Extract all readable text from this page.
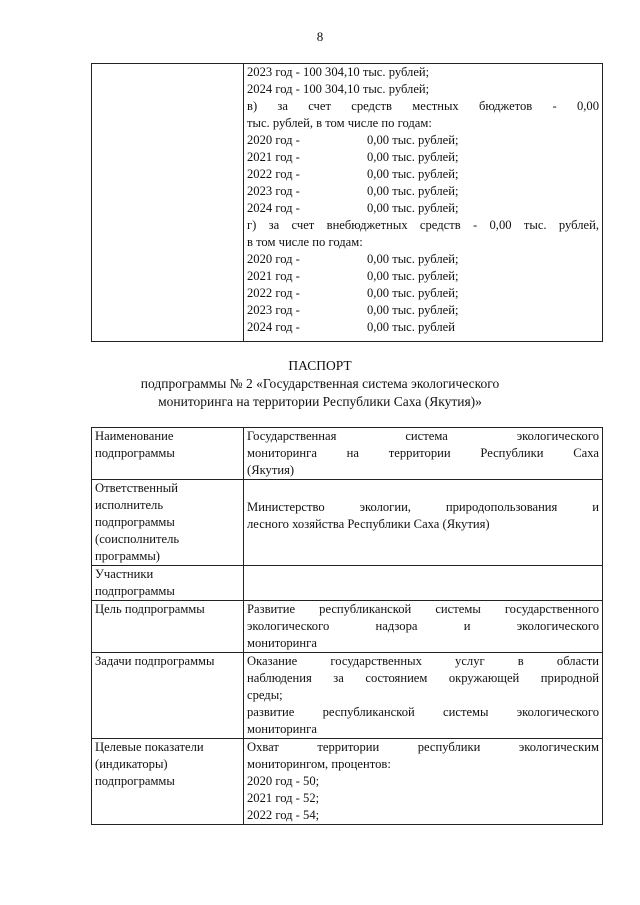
8

2023 год - 100 304,10 тыс. рублей;
2024 год - 100 304,10 тыс. рублей;
в) за счет средств местных бюджетов - 0,00
тыс. рублей, в том числе по годам:
2020 год -	0,00 тыс. рублей;
2021 год -	0,00 тыс. рублей;
2022 год -	0,00 тыс. рублей;
2023 год -	0,00 тыс. рублей;
2024 год -	0,00 тыс. рублей;
г) за счет внебюджетных средств - 0,00 тыс. рублей,
в том числе по годам:
2020 год -	0,00 тыс. рублей;
2021 год -	0,00 тыс. рублей;
2022 год -	0,00 тыс. рублей;
2023 год -	0,00 тыс. рублей;
2024 год -	0,00 тыс. рублей
ПАСПОРТ
подпрограммы № 2 «Государственная система экологического
мониторинга на территории Республики Саха (Якутия)»
Наименование
подпрограммы	Государственная система экологического
мониторинга на территории Республики Саха
(Якутия)

Ответственный
исполнитель
подпрограммы
(соисполнитель
программы)	Министерство экологии, природопользования и
лесного хозяйства Республики Саха (Якутия)

Участники
подпрограммы	

Цель подпрограммы	Развитие республиканской системы государственного
экологического надзора и экологического
мониторинга

Задачи подпрограммы	Оказание государственных услуг в области
наблюдения за состоянием окружающей природной
среды;
развитие республиканской системы экологического
мониторинга

Целевые показатели
(индикаторы)
подпрограммы	Охват территории республики экологическим
мониторингом, процентов:
2020 год - 50;
2021 год - 52;
2022 год - 54;
